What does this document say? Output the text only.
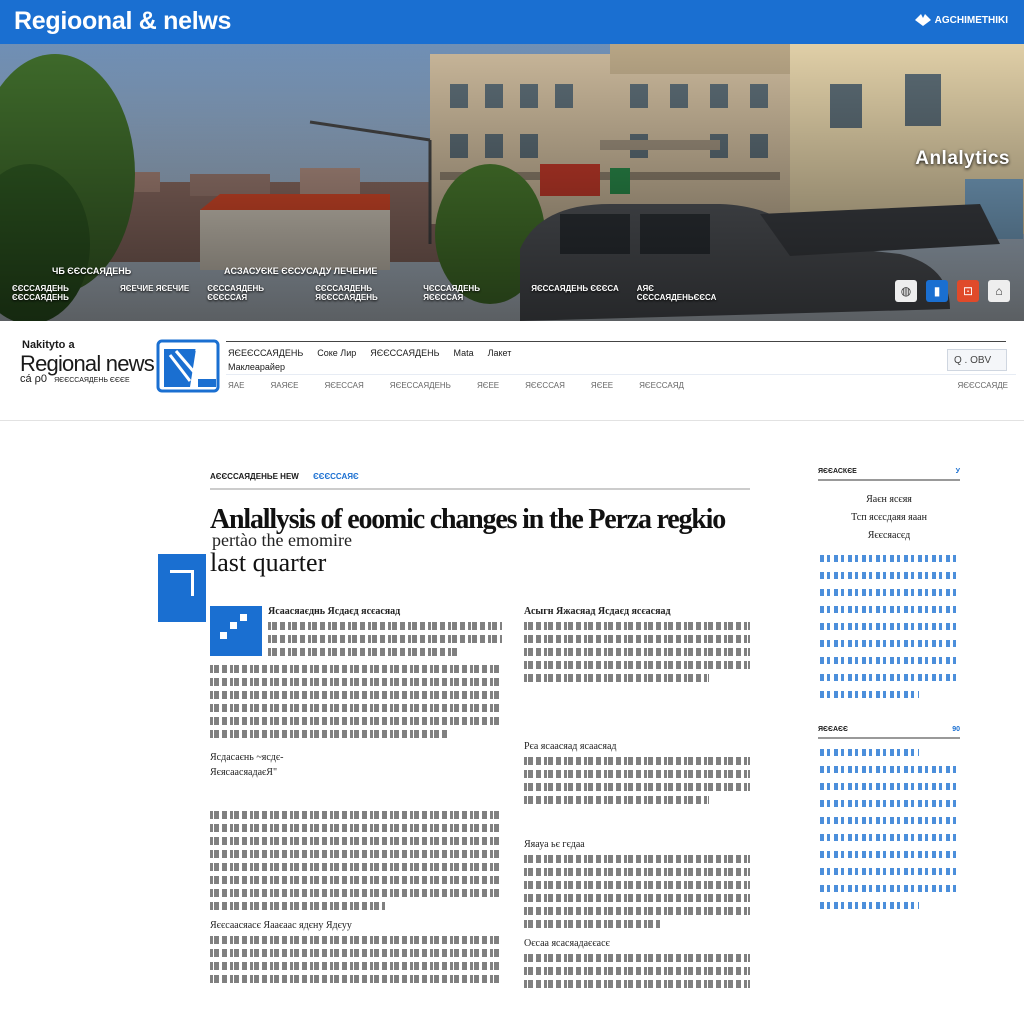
Regioonal & nelws	AGCHIMETHIKI
Anlalytics
ЧБ ЄЄССАЯДЕНЬ	ACЗАСУЄКЕ ЄЄСУСАДУ ЛЕЧЕНИЕ
ЄЄССАЯДЕНЬ ЄЄССАЯДЕНЬ
ЯЄЕЧИЕ ЯЄЕЧИЕ ЄЄССАЯДЕНЬ ЄЄЄССАЯ
ЄЄССАЯДЕНЬ ЯЄЄССАЯДЕНЬ
ЧЄССАЯДЕНЬ ЯЄЄССАЯ
ЯЄССАЯДЕНЬ ЄЄЄСА AЯЄ СЄССАЯДЕНЬЄЄСА	◍	▮	⊡	⌂
Nakityto a
Regional news
cá ρ0 ЯЄЄССАЯДЕНЬ ЄЄЄЕ
ЯЄЕЄССАЯДЕНЬ
Маклеарайер
Соке Лир ЯЄЄССАЯДЕНЬ Маtа Лакет
Q . OBV
ЯАЕ	ЯАЯЄЕ	ЯЄЕССАЯ	ЯЄЕССАЯДЕНЬ	ЯЄЕЕ	ЯЄЄССАЯ	ЯЄЕЕ	ЯЄЕССАЯД	ЯЄЄССАЯДЕ
АЄЄССАЯДЕНЬЕ НЕW ЄЄЄССАЯЄ
Anlallysis of eoomic changes in the Perza regkio
pertào the emomire
last quarter
Ясаасяаєднь Ясдаєд ясєасяад
Ясдасаєнь ~ясдє-
ЯєясаасяадаєЯ"
Яєєсаасяасє Яааєаас ядєну Ядєуу
Асыгн Яжасяад Ясдаєд ясєасяад
Рєа ясаасяад ясаасяад
Яяауа ьє гєдаа
Оєсаа ясасяадаєєасє
ЯЄЄАСКЄЕ	У
Яаєн ясєяя
Тсп ясєсдаяя яаан
Яєєсяасєд
ЯЄЄАЄЄ	90
